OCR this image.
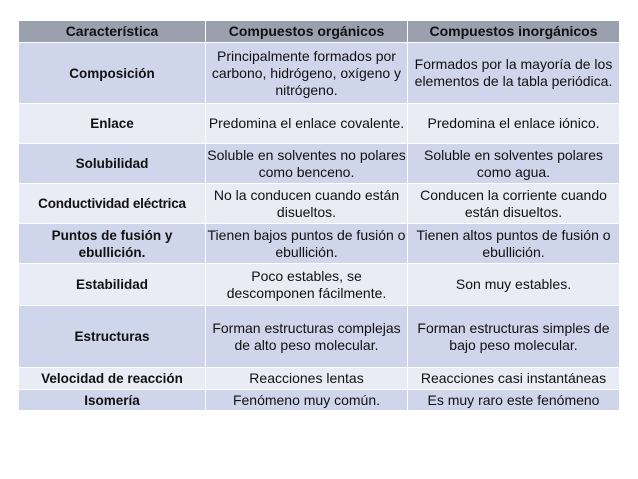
Característica	Compuestos orgánicos	Compuestos inorgánicos
Composición	Principalmente formados por carbono, hidrógeno, oxígeno y nitrógeno.	Formados por la mayoría de los elementos de la tabla periódica.
Enlace	Predomina el enlace covalente.	Predomina el enlace iónico.
Solubilidad	Soluble en solventes no polares como benceno.	Soluble en solventes polares como agua.
Conductividad eléctrica	No la conducen cuando están disueltos.	Conducen la corriente cuando están disueltos.
Puntos de fusión y ebullición.	Tienen bajos puntos de fusión o ebullición.	Tienen altos puntos de fusión o ebullición.
Estabilidad	Poco estables, se descomponen fácilmente.	Son muy estables.
Estructuras	Forman estructuras complejas de alto peso molecular.	Forman estructuras simples de bajo peso molecular.
Velocidad de reacción	Reacciones lentas	Reacciones casi instantáneas
Isomería	Fenómeno muy común.	Es muy raro este fenómeno
